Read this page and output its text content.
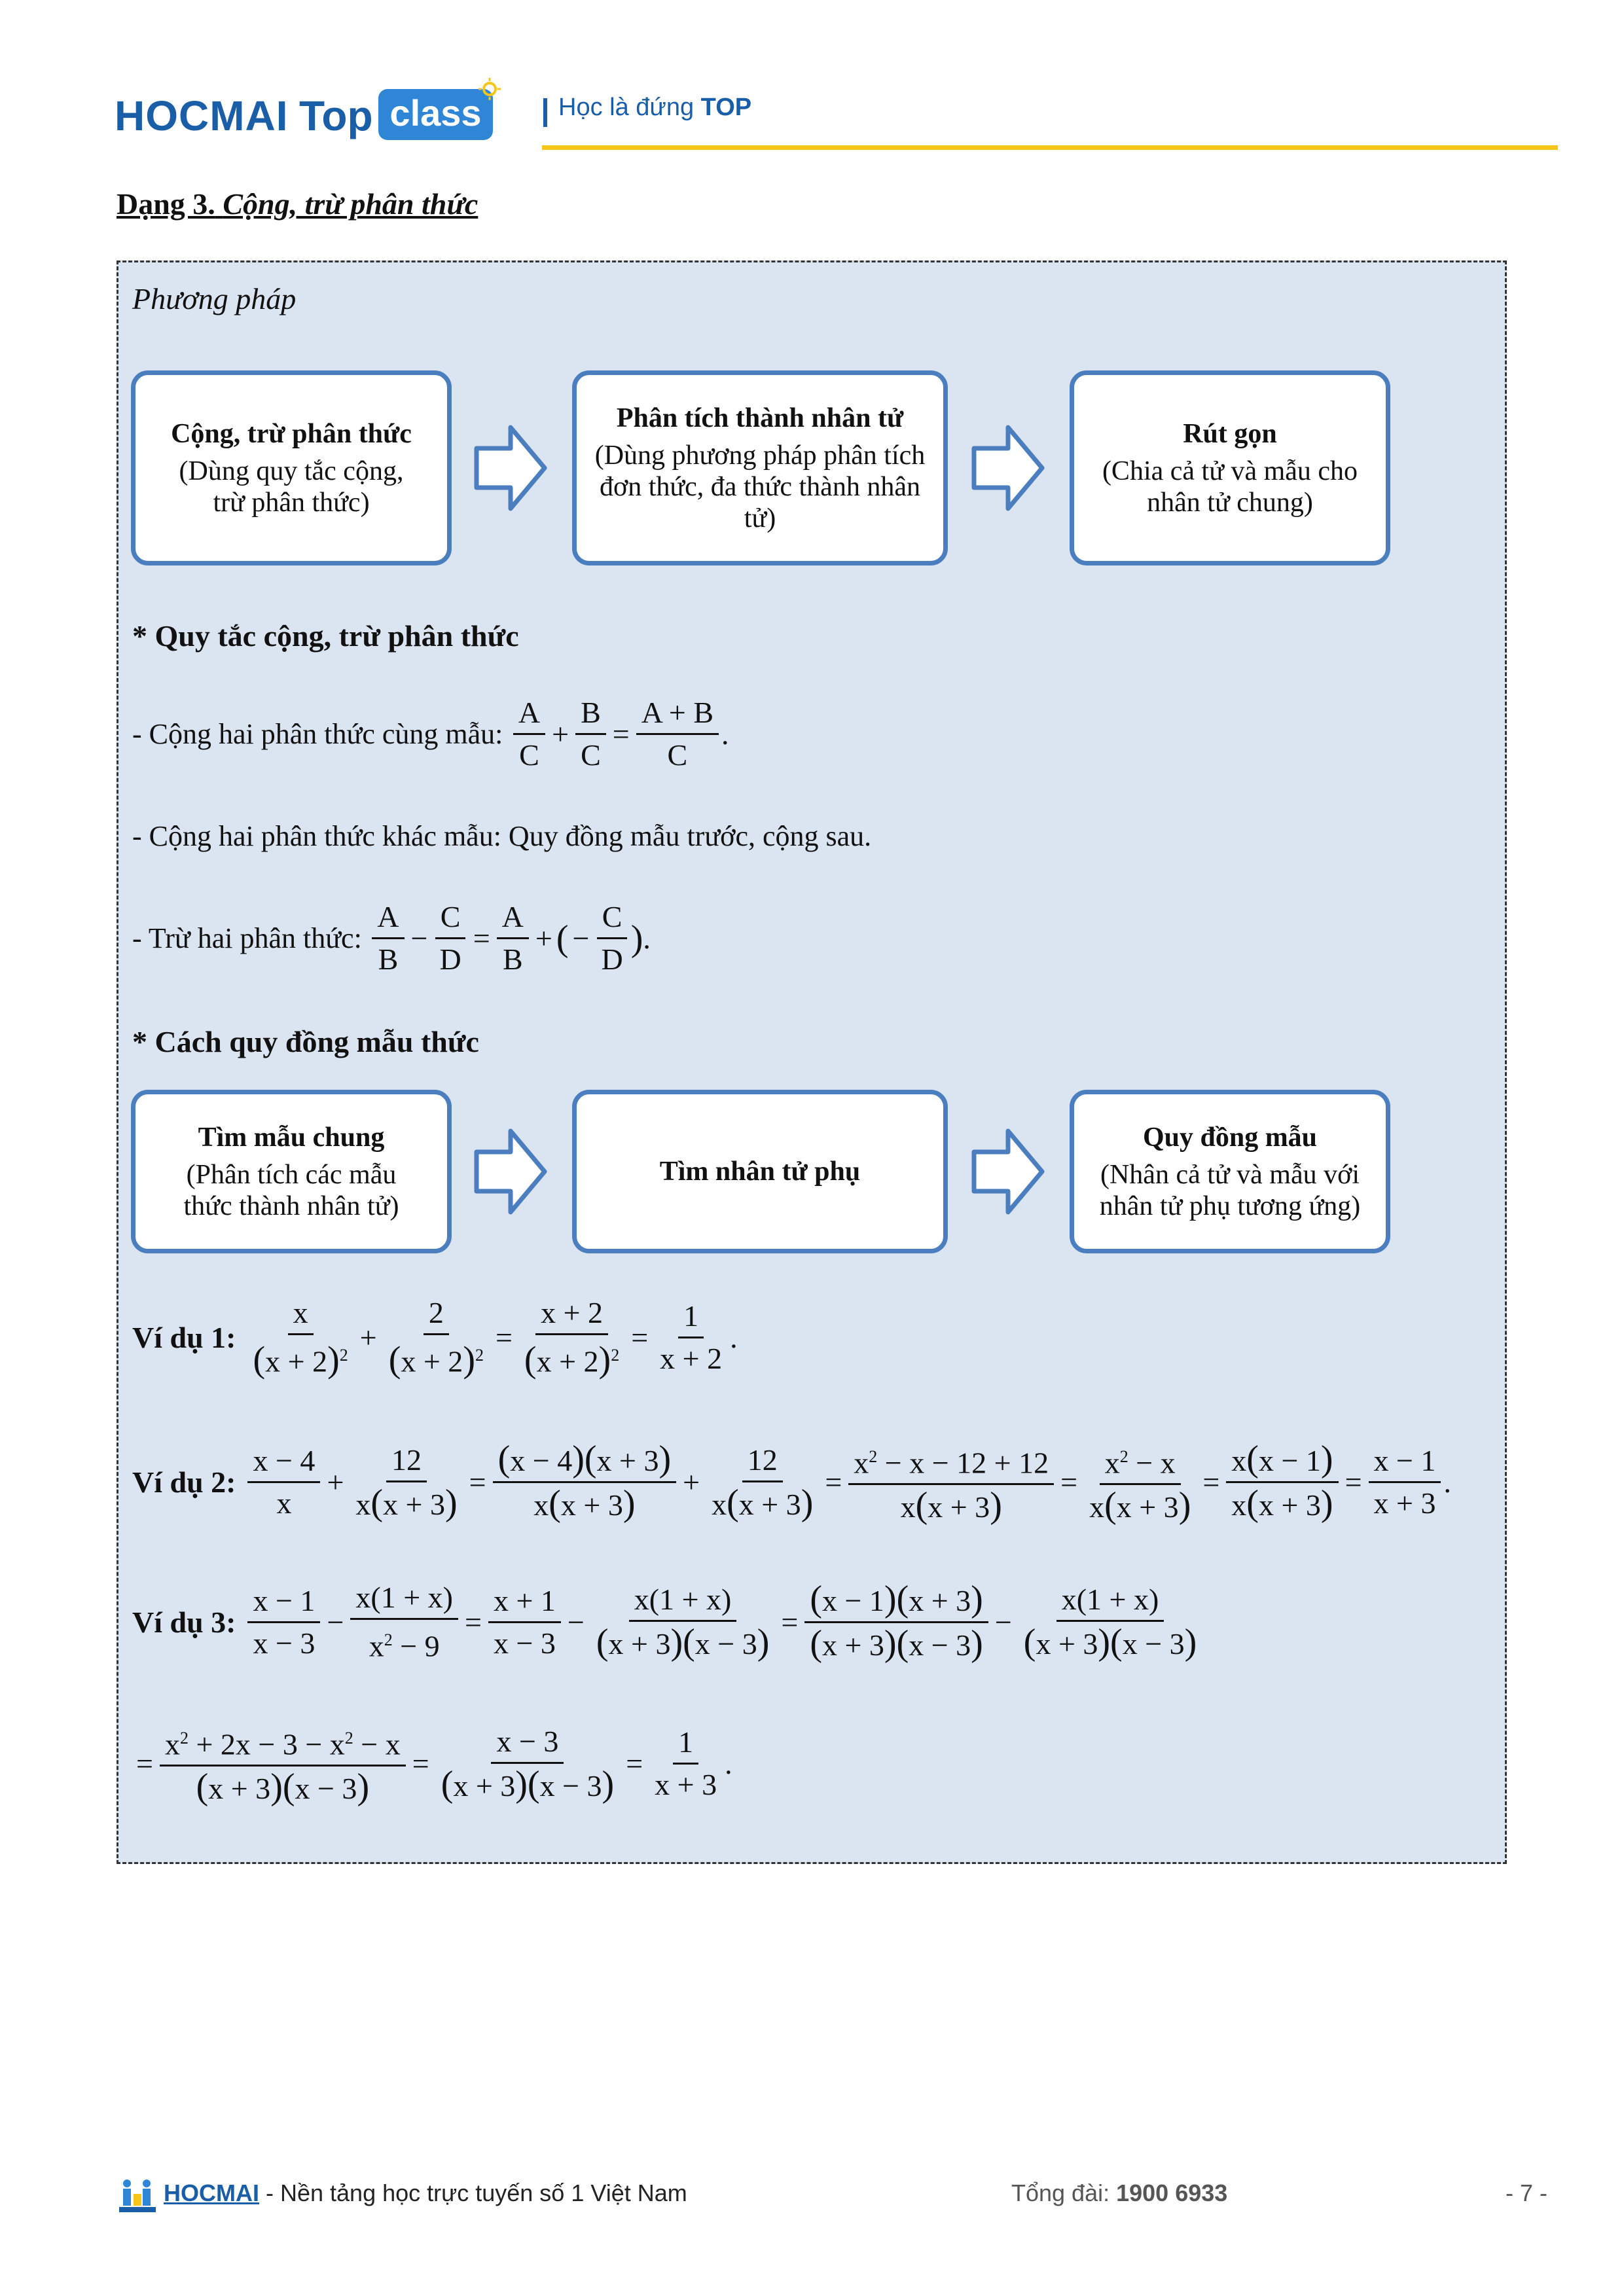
HOCMAI Top class	Học là đứng TOP
Dạng 3. Cộng, trừ phân thức
Phương pháp
Cộng, trừ phân thức
(Dùng quy tắc cộng, trừ phân thức)
Phân tích thành nhân tử
(Dùng phương pháp phân tích đơn thức, đa thức thành nhân tử)
Rút gọn
(Chia cả tử và mẫu cho nhân tử chung)
* Quy tắc cộng, trừ phân thức
- Cộng hai phân thức cùng mẫu:
$\frac{A}{C} + \frac{B}{C} = \frac{A + B}{C}$ .
- Cộng hai phân thức khác mẫu: Quy đồng mẫu trước, cộng sau.
- Trừ hai phân thức:
$\frac{A}{B} - \frac{C}{D} = \frac{A}{B}$ + ( − $\frac{C}{D}$ ) .
* Cách quy đồng mẫu thức
Tìm mẫu chung
(Phân tích các mẫu thức thành nhân tử)
Tìm nhân tử phụ
Quy đồng mẫu
(Nhân cả tử và mẫu với nhân tử phụ tương ứng)
Ví dụ 1: $\frac{x}{(x + 2)^2} + \frac{2}{(x + 2)^2} = \frac{x + 2}{(x + 2)^2} = \frac{1}{x + 2}$ .
Ví dụ 2: $\frac{x - 4}{x} + \frac{12}{x(x + 3)} = \frac{(x - 4)(x + 3)}{x(x + 3)} + \frac{12}{x(x + 3)} = \frac{x^2 - x - 12 + 12}{x(x + 3)} = \frac{x^2 - x}{x(x + 3)} = \frac{x(x - 1)}{x(x + 3)} = \frac{x - 1}{x + 3}$ .
Ví dụ 3: $\frac{x - 1}{x - 3} - \frac{x(1 + x)}{x^2 - 9} = \frac{x + 1}{x - 3} - \frac{x(1 + x)}{(x + 3)(x - 3)} = \frac{(x - 1)(x + 3)}{(x + 3)(x - 3)} - \frac{x(1 + x)}{(x + 3)(x - 3)}$
= $\frac{x^2 + 2x - 3 - x^2 - x}{(x + 3)(x - 3)} = \frac{x - 3}{(x + 3)(x - 3)} = \frac{1}{x + 3}$ .
HOCMAI - Nền tảng học trực tuyến số 1 Việt Nam	Tổng đài: 1900 6933	- 7 -
